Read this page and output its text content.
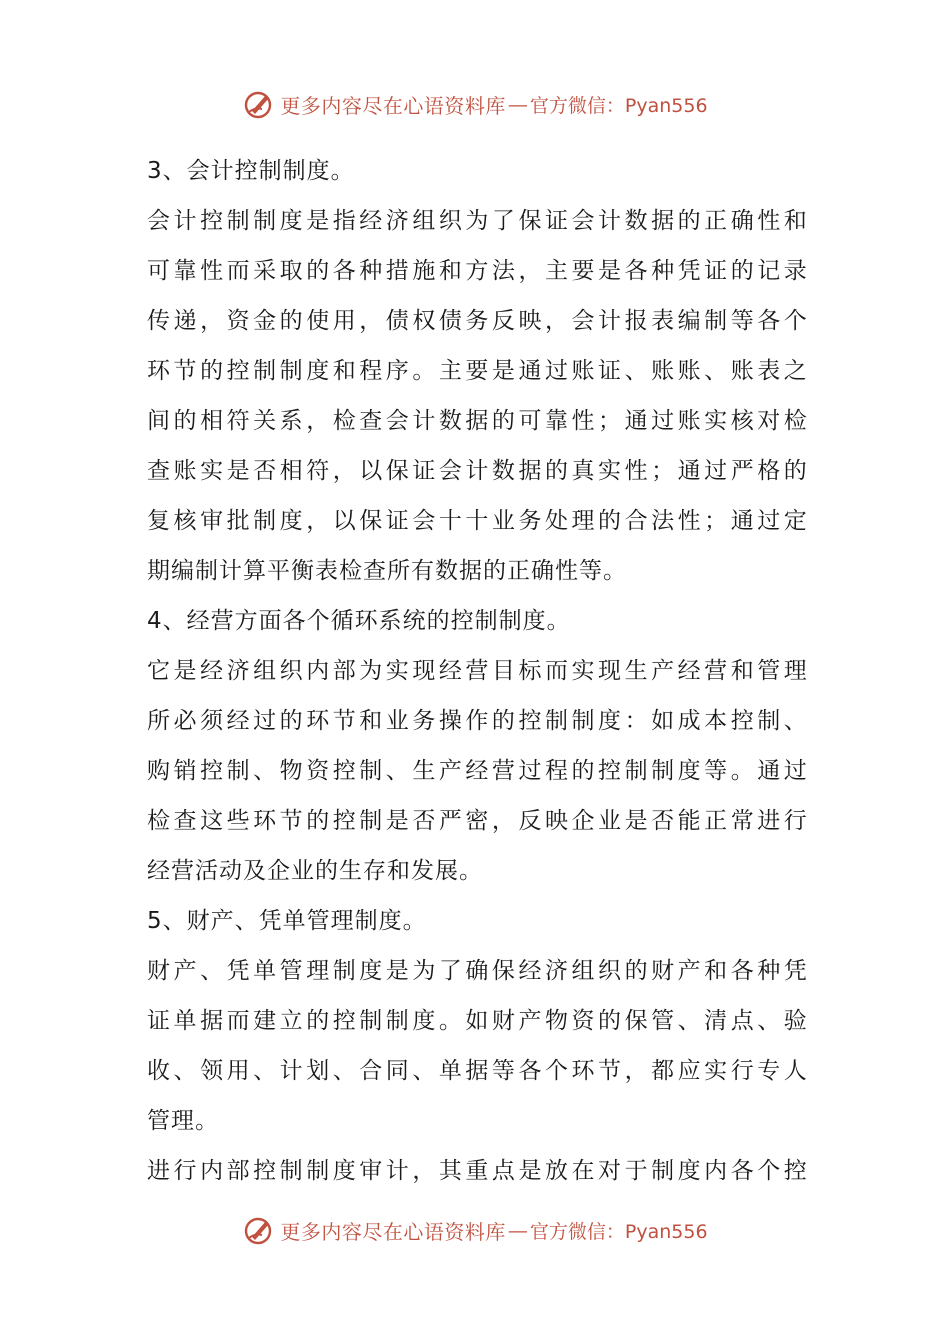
更多内容尽在心语资料库 — 官方微信：Pyan556
3、会计控制制度。
会 计 控 制 制 度 是 指 经 济 组 织 为 了 保 证 会 计 数 据 的 正 确 性 和
可 靠 性 而 采 取 的 各 种 措 施 和 方 法 ， 主 要 是 各 种 凭 证 的 记 录
传 递 ， 资 金 的 使 用 ， 债 权 债 务 反 映 ， 会 计 报 表 编 制 等 各 个
环 节 的 控 制 制 度 和 程 序 。 主 要 是 通 过 账 证 、 账 账 、 账 表 之
间 的 相 符 关 系 ， 检 查 会 计 数 据 的 可 靠 性 ； 通 过 账 实 核 对 检
查 账 实 是 否 相 符 ， 以 保 证 会 计 数 据 的 真 实 性 ； 通 过 严 格 的
复 核 审 批 制 度 ， 以 保 证 会 十 十 业 务 处 理 的 合 法 性 ； 通 过 定
期编制计算平衡表检查所有数据的正确性等。
4、经营方面各个循环系统的控制制度。
它 是 经 济 组 织 内 部 为 实 现 经 营 目 标 而 实 现 生 产 经 营 和 管 理
所 必 须 经 过 的 环 节 和 业 务 操 作 的 控 制 制 度 ： 如 成 本 控 制 、
购 销 控 制 、 物 资 控 制 、 生 产 经 营 过 程 的 控 制 制 度 等 。 通 过
检 查 这 些 环 节 的 控 制 是 否 严 密 ， 反 映 企 业 是 否 能 正 常 进 行
经营活动及企业的生存和发展。
5、财产、凭单管理制度。
财 产 、 凭 单 管 理 制 度 是 为 了 确 保 经 济 组 织 的 财 产 和 各 种 凭
证 单 据 而 建 立 的 控 制 制 度 。 如 财 产 物 资 的 保 管 、 清 点 、 验
收 、 领 用 、 计 划 、 合 同 、 单 据 等 各 个 环 节 ， 都 应 实 行 专 人
管理。
进 行 内 部 控 制 制 度 审 计 ， 其 重 点 是 放 在 对 于 制 度 内 各 个 控
更多内容尽在心语资料库 — 官方微信：Pyan556
